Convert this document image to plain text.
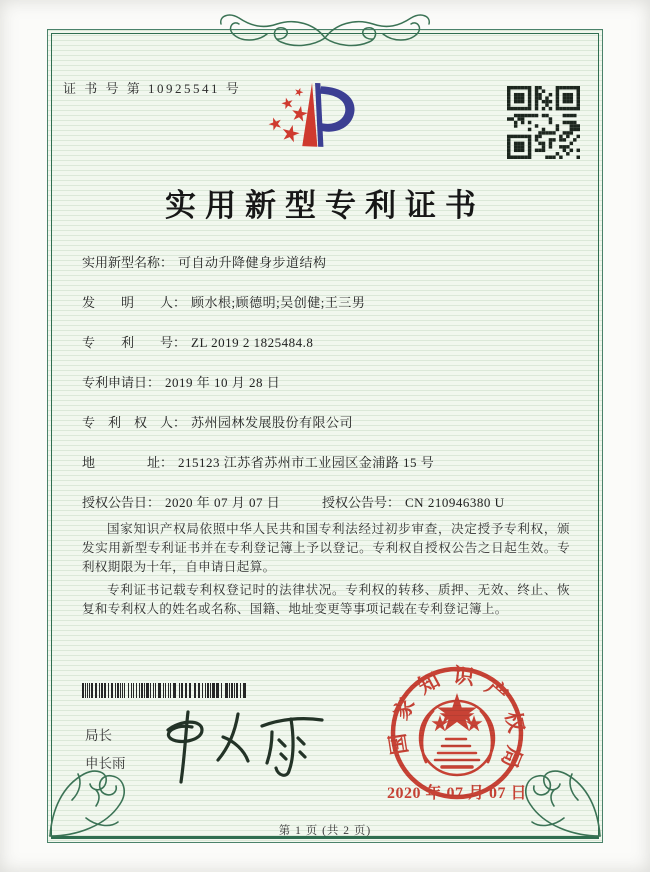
证 书 号 第 10925541 号
实用新型专利证书
实用新型名称： 可自动升降健身步道结构
发　　明　　人： 顾水根;顾德明;吴创健;王三男
专　　利　　号： ZL 2019 2 1825484.8
专利申请日： 2019 年 10 月 28 日
专　利　权　人： 苏州园林发展股份有限公司
地　　　　址： 215123 江苏省苏州市工业园区金浦路 15 号
授权公告日： 2020 年 07 月 07 日	授权公告号： CN 210946380 U

国家知识产权局依照中华人民共和国专利法经过初步审查，决定授予专利权，颁发实用新型专利证书并在专利登记簿上予以登记。专利权自授权公告之日起生效。专利权期限为十年，自申请日起算。

专利证书记载专利权登记时的法律状况。专利权的转移、质押、无效、终止、恢复和专利权人的姓名或名称、国籍、地址变更等事项记载在专利登记簿上。

局长
申长雨
国家知识产权局
2020 年 07 月 07 日
第 1 页 (共 2 页)
